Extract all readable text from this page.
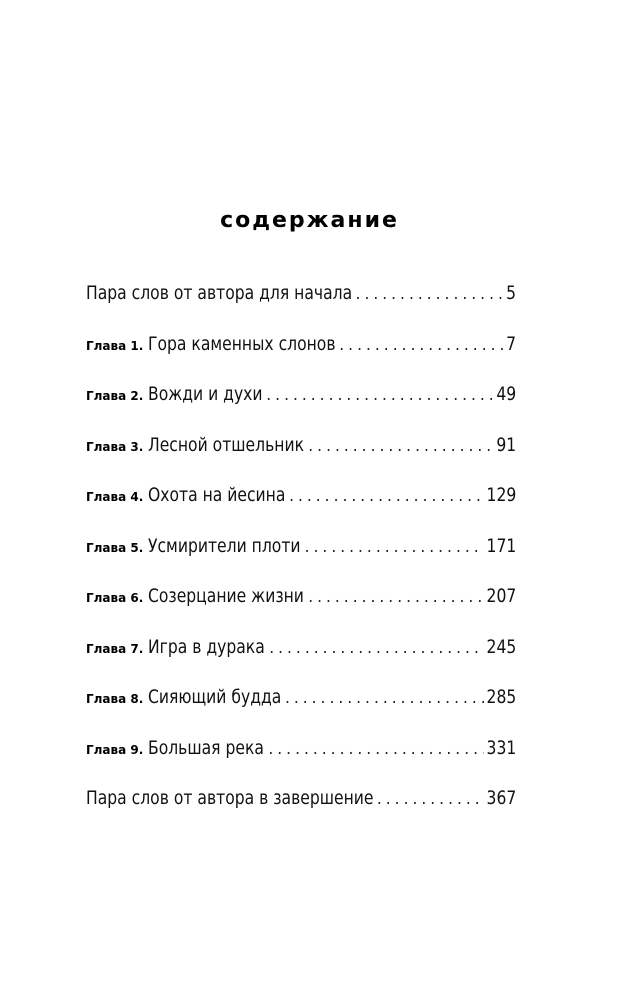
содержание
Пара слов от автора для начала .....	5
Глава 1. Гора каменных слонов .....	7
Глава 2. Вожди и духи .....	49
Глава 3. Лесной отшельник .....	91
Глава 4. Охота на йесина .....	129
Глава 5. Усмирители плоти .....	171
Глава 6. Созерцание жизни .....	207
Глава 7. Игра в дурака .....	245
Глава 8. Сияющий будда .....	285
Глава 9. Большая река .....	331
Пара слов от автора в завершение .....	367
